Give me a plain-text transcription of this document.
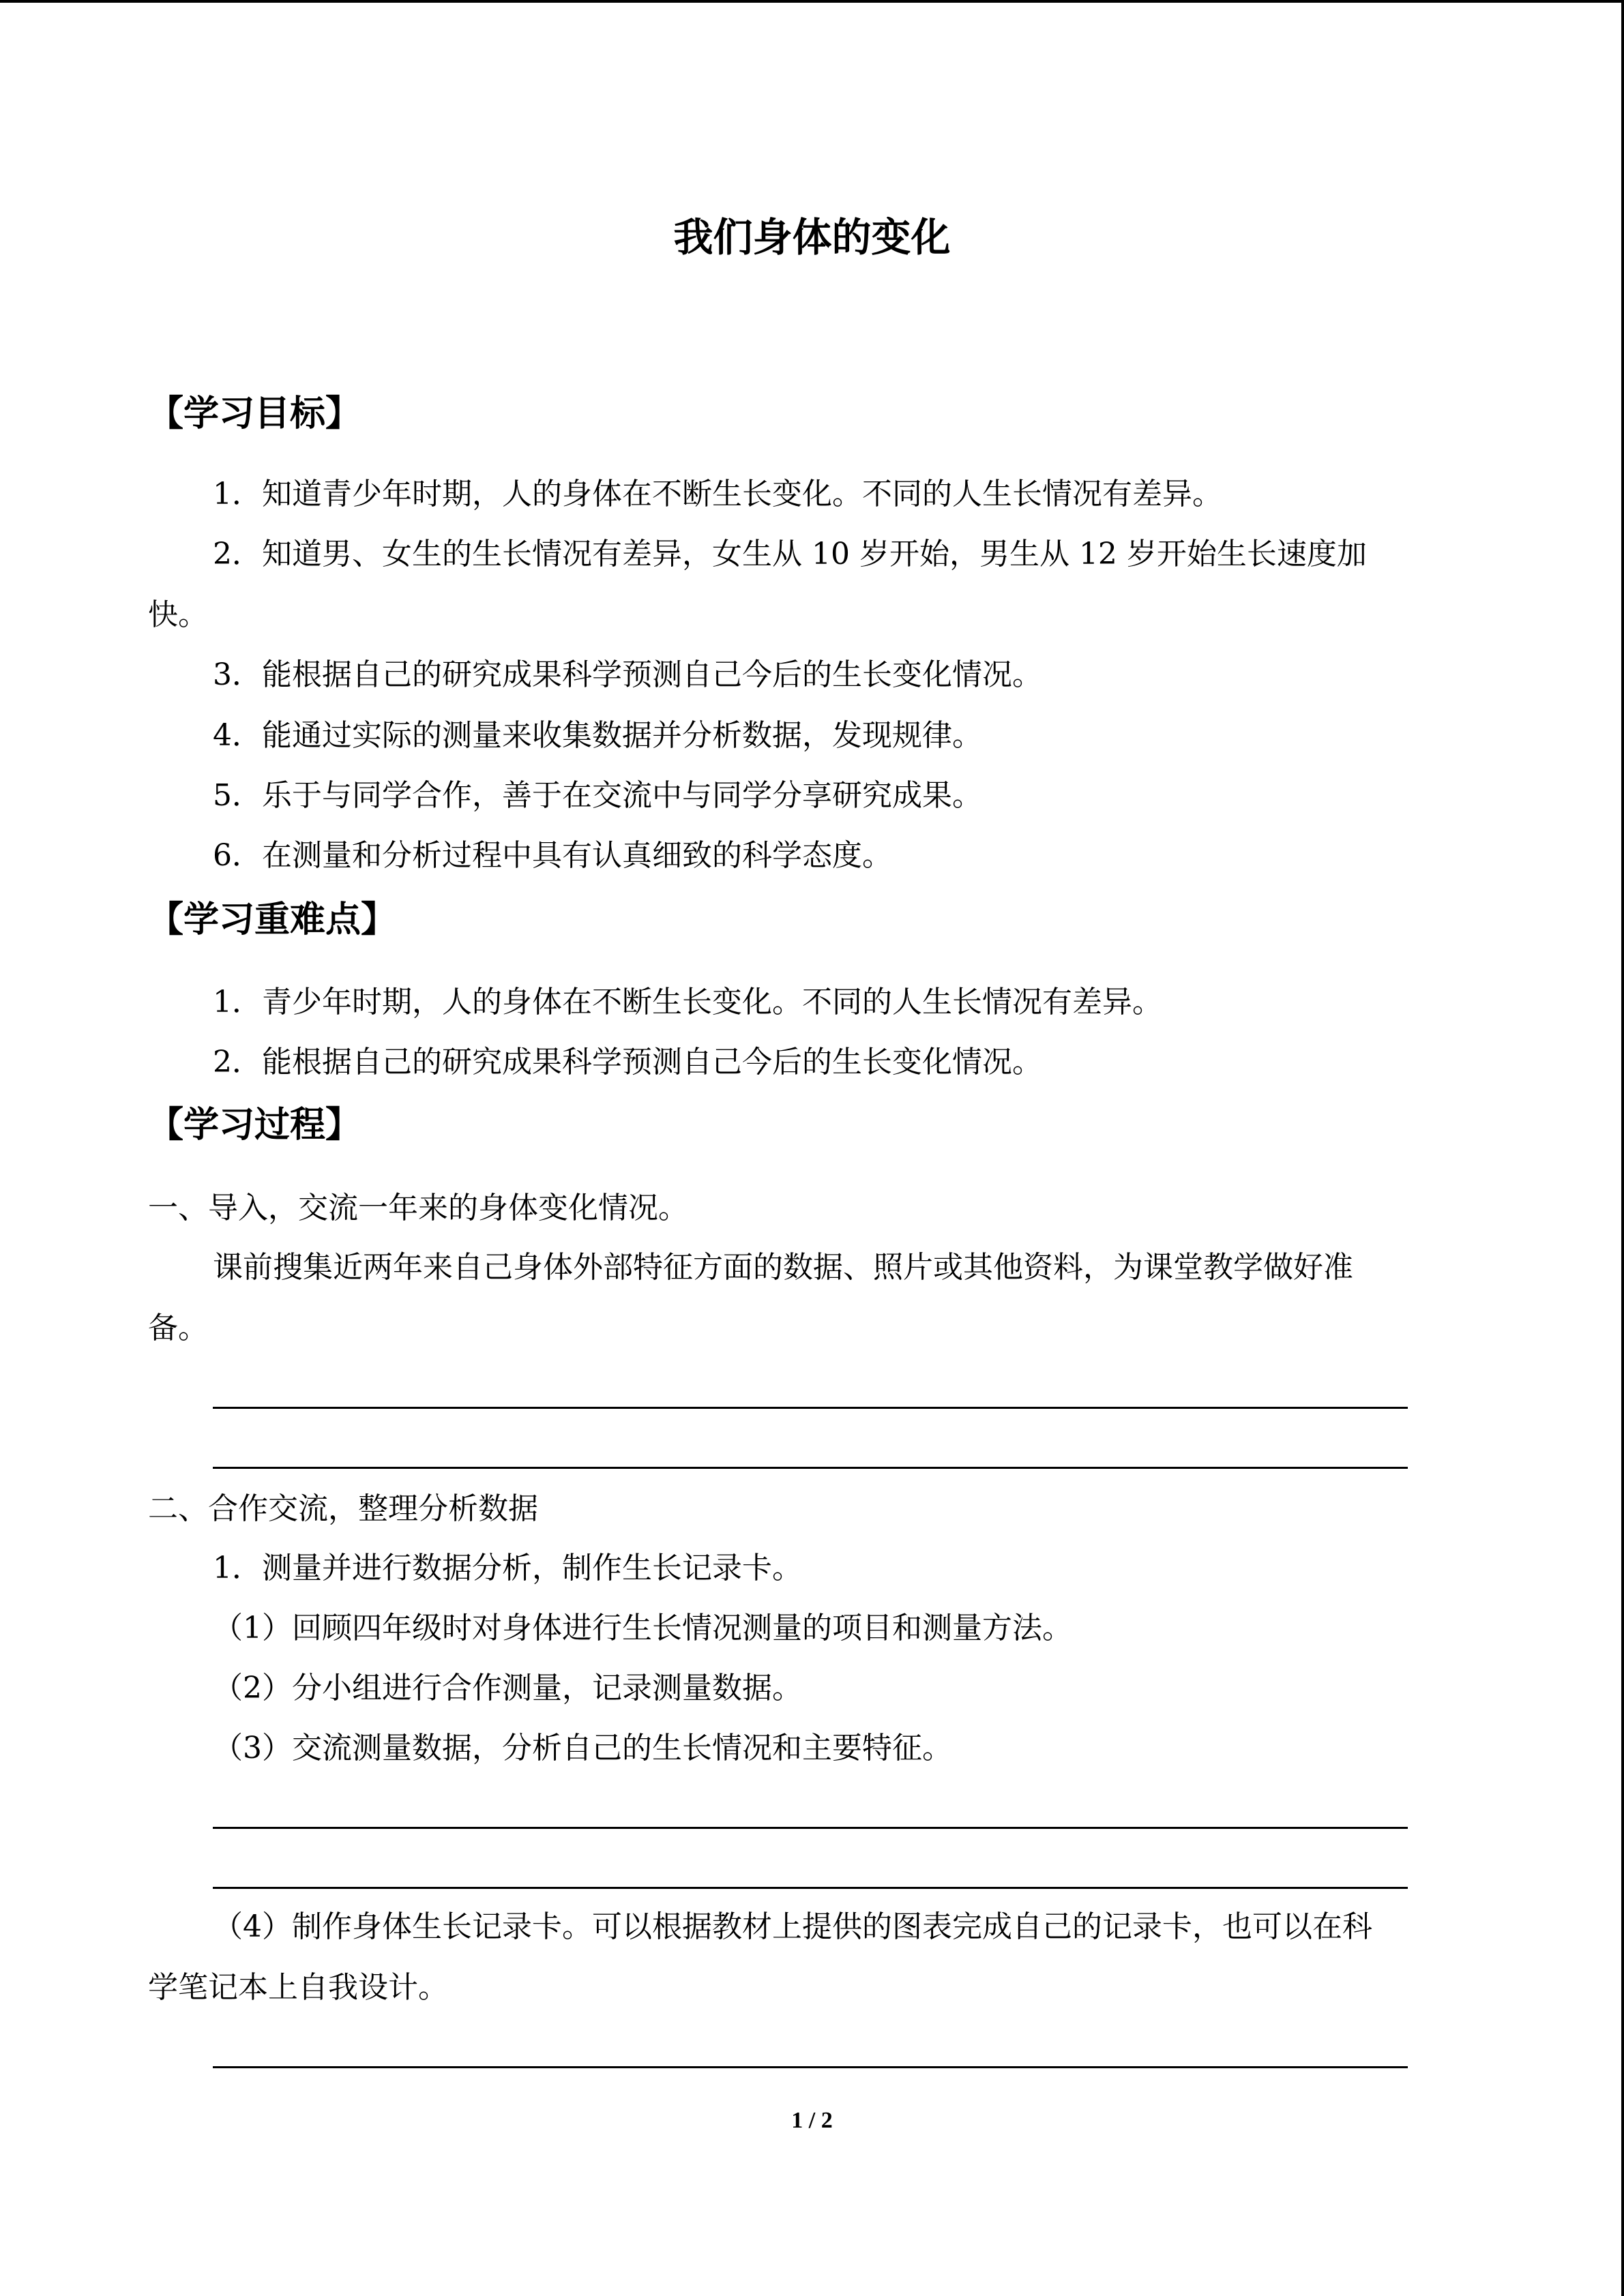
我们身体的变化
【学习目标】
1．知道青少年时期，人的身体在不断生长变化。不同的人生长情况有差异。
2．知道男、女生的生长情况有差异，女生从 10 岁开始，男生从 12 岁开始生长速度加
快。
3．能根据自己的研究成果科学预测自己今后的生长变化情况。
4．能通过实际的测量来收集数据并分析数据，发现规律。
5．乐于与同学合作，善于在交流中与同学分享研究成果。
6．在测量和分析过程中具有认真细致的科学态度。
【学习重难点】
1．青少年时期，人的身体在不断生长变化。不同的人生长情况有差异。
2．能根据自己的研究成果科学预测自己今后的生长变化情况。
【学习过程】
一、导入，交流一年来的身体变化情况。
课前搜集近两年来自己身体外部特征方面的数据、照片或其他资料，为课堂教学做好准
备。
二、合作交流，整理分析数据
1．测量并进行数据分析，制作生长记录卡。
（1）回顾四年级时对身体进行生长情况测量的项目和测量方法。
（2）分小组进行合作测量，记录测量数据。
（3）交流测量数据，分析自己的生长情况和主要特征。
（4）制作身体生长记录卡。可以根据教材上提供的图表完成自己的记录卡，也可以在科
学笔记本上自我设计。
1 / 2
